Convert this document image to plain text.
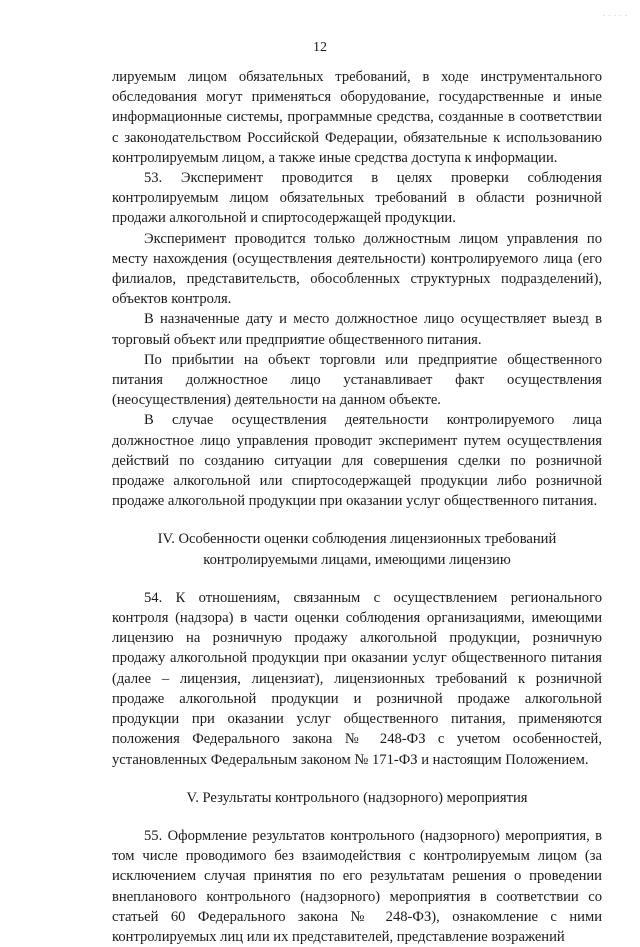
- - - - -
12

лируемым лицом обязательных требований, в ходе инструментального обследования могут применяться оборудование, государственные и иные информационные системы, программные средства, созданные в соответствии с законодательством Российской Федерации, обязательные к использованию контролируемым лицом, а также иные средства доступа к информации.

53. Эксперимент проводится в целях проверки соблюдения контролируемым лицом обязательных требований в области розничной продажи алкогольной и спиртосодержащей продукции.

Эксперимент проводится только должностным лицом управления по месту нахождения (осуществления деятельности) контролируемого лица (его филиалов, представительств, обособленных структурных подразделений), объектов контроля.

В назначенные дату и место должностное лицо осуществляет выезд в торговый объект или предприятие общественного питания.

По прибытии на объект торговли или предприятие общественного питания должностное лицо устанавливает факт осуществления (неосуществления) деятельности на данном объекте.

В случае осуществления деятельности контролируемого лица должностное лицо управления проводит эксперимент путем осуществления действий по созданию ситуации для совершения сделки по розничной продаже алкогольной или спиртосодержащей продукции либо розничной продаже алкогольной продукции при оказании услуг общественного питания.

IV. Особенности оценки соблюдения лицензионных требований
контролируемыми лицами, имеющими лицензию

54. К отношениям, связанным с осуществлением регионального контроля (надзора) в части оценки соблюдения организациями, имеющими лицензию на розничную продажу алкогольной продукции, розничную продажу алкогольной продукции при оказании услуг общественного питания (далее – лицензия, лицензиат), лицензионных требований к розничной продаже алкогольной продукции и розничной продаже алкогольной продукции при оказании услуг общественного питания, применяются положения Федерального закона № 248-ФЗ с учетом особенностей, установленных Федеральным законом № 171-ФЗ и настоящим Положением.

V. Результаты контрольного (надзорного) мероприятия

55. Оформление результатов контрольного (надзорного) мероприятия, в том числе проводимого без взаимодействия с контролируемым лицом (за исключением случая принятия по его результатам решения о проведении внепланового контрольного (надзорного) мероприятия в соответствии со статьей 60 Федерального закона № 248-ФЗ), ознакомление с ними контролируемых лиц или их представителей, представление возражений
